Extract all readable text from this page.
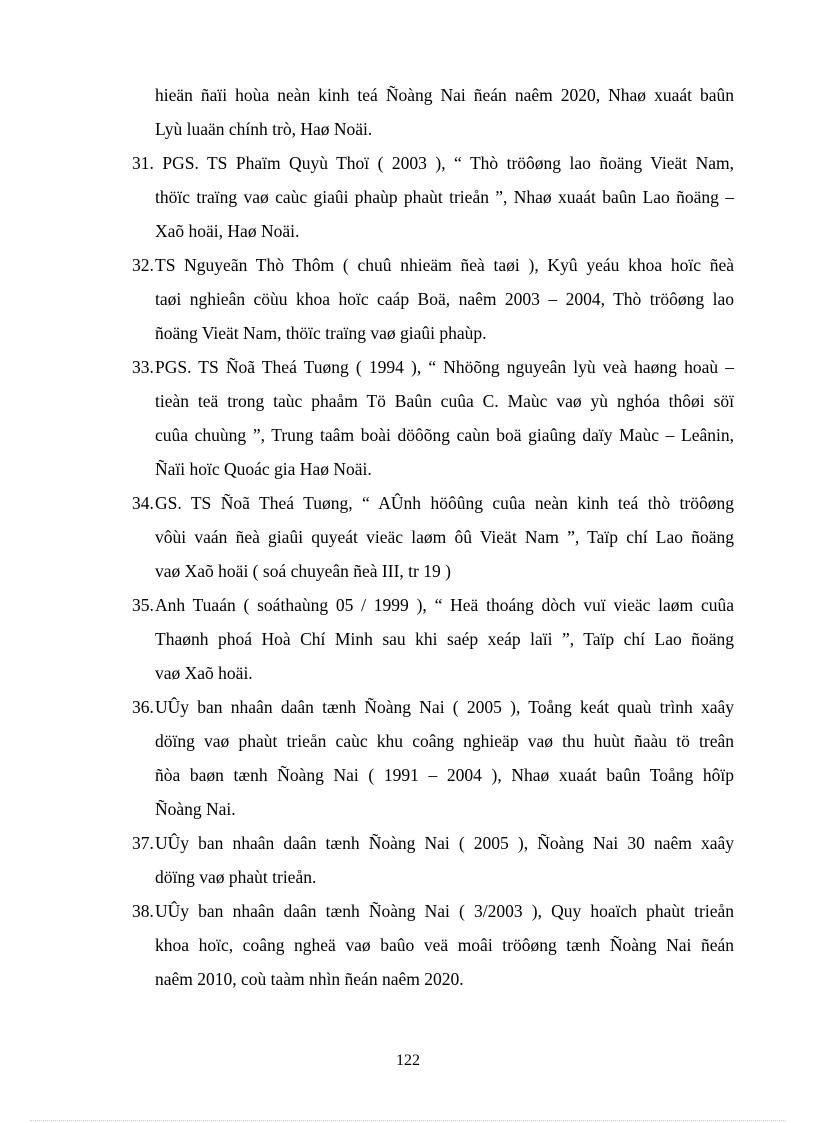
hieän ñaïi hoùa neàn kinh teá Ñoàng Nai ñeán naêm 2020, Nhaø xuaát baûn
Lyù luaän chính trò, Haø Noäi.
31. PGS. TS Phaïm Quyù Thoï ( 2003 ), “ Thò tröôøng lao ñoäng Vieät Nam,
thöïc traïng vaø caùc giaûi phaùp phaùt trieån ”, Nhaø xuaát baûn Lao ñoäng –
Xaõ hoäi, Haø Noäi.
32. TS Nguyeãn Thò Thôm ( chuû nhieäm ñeà taøi ), Kyû yeáu khoa hoïc ñeà
taøi nghieân cöùu khoa hoïc caáp Boä, naêm 2003 – 2004, Thò tröôøng lao
ñoäng Vieät Nam, thöïc traïng vaø giaûi phaùp.
33. PGS. TS Ñoã Theá Tuøng ( 1994 ), “ Nhöõng nguyeân lyù veà haøng hoaù –
tieàn teä trong taùc phaåm Tö Baûn cuûa C. Maùc vaø yù nghóa thôøi söï
cuûa chuùng ”, Trung taâm boài döôõng caùn boä giaûng daïy Maùc – Leânin,
Ñaïi hoïc Quoác gia Haø Noäi.
34. GS. TS Ñoã Theá Tuøng, “ AÛnh höôûng cuûa neàn kinh teá thò tröôøng
vôùi vaán ñeà giaûi quyeát vieäc laøm ôû Vieät Nam ”, Taïp chí Lao ñoäng
vaø Xaõ hoäi ( soá chuyeân ñeà III, tr 19 )
35. Anh Tuaán ( soáthaùng 05 / 1999 ), “ Heä thoáng dòch vuï vieäc laøm cuûa
Thaønh phoá Hoà Chí Minh sau khi saép xeáp laïi ”, Taïp chí Lao ñoäng
vaø Xaõ hoäi.
36. UÛy ban nhaân daân tænh Ñoàng Nai ( 2005 ), Toång keát quaù trình xaây
döïng vaø phaùt trieån caùc khu coâng nghieäp vaø thu huùt ñaàu tö treân
ñòa baøn tænh Ñoàng Nai ( 1991 – 2004 ), Nhaø xuaát baûn Toång hôïp
Ñoàng Nai.
37. UÛy ban nhaân daân tænh Ñoàng Nai ( 2005 ), Ñoàng Nai 30 naêm xaây
döïng vaø phaùt trieån.
38. UÛy ban nhaân daân tænh Ñoàng Nai ( 3/2003 ), Quy hoaïch phaùt trieån
khoa hoïc, coâng ngheä vaø baûo veä moâi tröôøng tænh Ñoàng Nai ñeán
naêm 2010, coù taàm nhìn ñeán naêm 2020.
122
